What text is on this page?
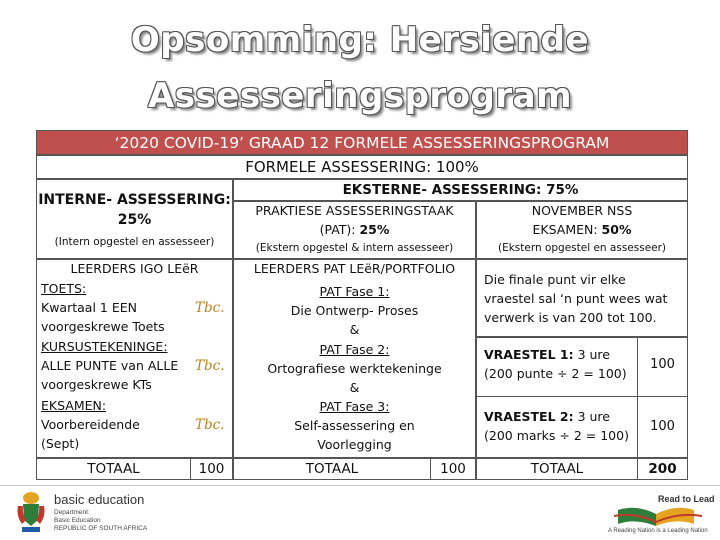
Opsomming: Hersiende
Assesseringsprogram
‘2020 COVID-19’ GRAAD 12 FORMELE ASSESSERINGSPROGRAM
FORMELE ASSESSERING: 100%
INTERNE- ASSESSERING:
25%
(Intern opgestel en assesseer)
LEERDERS IGO LEëR
TOETS:
Kwartaal 1 EEN
voorgeskrewe Toets
Tbc.
KURSUSTEKENINGE:
ALLE PUNTE van ALLE
voorgeskrewe KTs
Tbc.
EKSAMEN:
Voorbereidende
(Sept)
Tbc.
TOTAAL	100
EKSTERNE- ASSESSERING: 75%
PRAKTIESE ASSESSERINGSTAAK
(PAT): 25%
(Ekstern opgestel & intern assesseer)
LEERDERS PAT LEëR/PORTFOLIO
PAT Fase 1:
Die Ontwerp- Proses
&
PAT Fase 2:
Ortografiese werktekeninge
&
PAT Fase 3:
Self-assessering en
Voorlegging
TOTAAL	100
NOVEMBER NSS
EKSAMEN: 50%
(Ekstern opgestel en assesseer)
Die finale punt vir elke
vraestel sal ‘n punt wees wat
verwerk is van 200 tot 100.
VRAESTEL 1: 3 ure
(200 punte ÷ 2 = 100)
100
VRAESTEL 2: 3 ure
(200 marks ÷ 2 = 100)
100
TOTAAL	200
basic education
Department:
Basic Education
REPUBLIC OF SOUTH AFRICA
Read to Lead
A Reading Nation is a Leading Nation
